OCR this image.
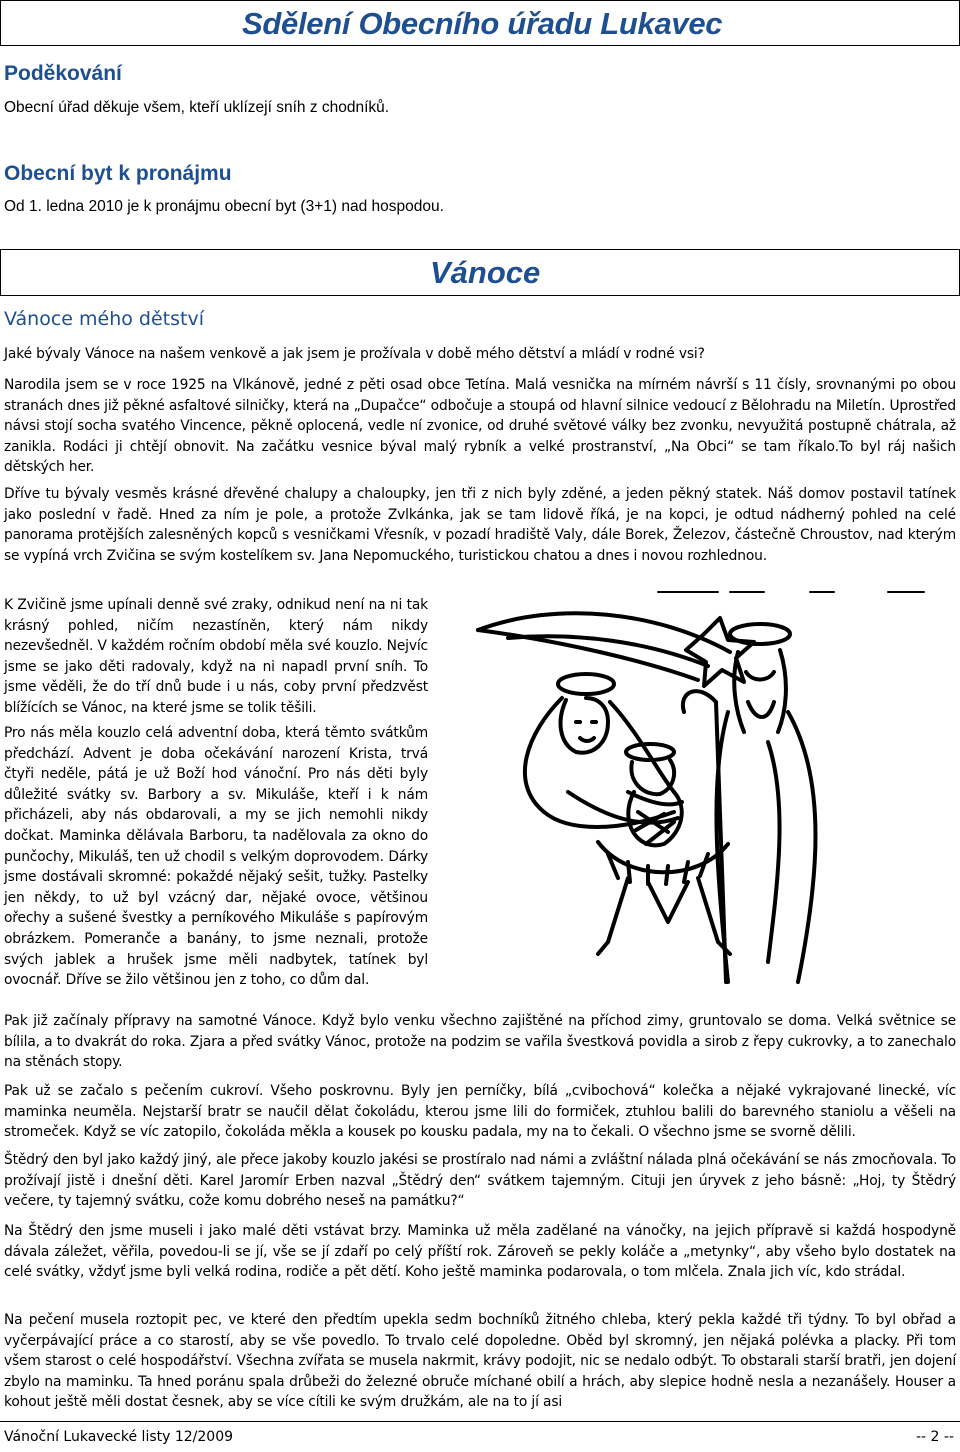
Sdělení Obecního úřadu Lukavec
Poděkování
Obecní úřad děkuje všem, kteří uklízejí sníh z chodníků.
Obecní byt k pronájmu
Od 1. ledna 2010 je k pronájmu obecní byt (3+1) nad hospodou.
Vánoce
Vánoce mého dětství
Jaké bývaly Vánoce na našem venkově a jak jsem je prožívala v době mého dětství a mládí v rodné vsi?
Narodila jsem se v roce 1925 na Vlkánově, jedné z pěti osad obce Tetína. Malá vesnička na mírném návrší s 11 čísly, srovnanými po obou stranách dnes již pěkné asfaltové silničky, která na „Dupačce“ odbočuje a stoupá od hlavní silnice vedoucí z Bělohradu na Miletín. Uprostřed návsi stojí socha svatého Vincence, pěkně oplocená, vedle ní zvonice, od druhé světové války bez zvonku, nevyužitá postupně chátrala, až zanikla. Rodáci ji chtějí obnovit. Na začátku vesnice býval malý rybník a velké prostranství, „Na Obci“ se tam říkalo.To byl ráj našich dětských her.
Dříve tu bývaly vesměs krásné dřevěné chalupy a chaloupky, jen tři z nich byly zděné, a jeden pěkný statek. Náš domov postavil tatínek jako poslední v řadě. Hned za ním je pole, a protože Zvlkánka, jak se tam lidově říká, je na kopci, je odtud nádherný pohled na celé panorama protějších zalesněných kopců s vesničkami Vřesník, v pozadí hradiště Valy, dále Borek, Železov, částečně Chroustov, nad kterým se vypíná vrch Zvičina se svým kostelíkem sv. Jana Nepomuckého, turistickou chatou a dnes i novou rozhlednou.
K Zvičině jsme upínali denně své zraky, odnikud není na ni tak krásný pohled, ničím nezastíněn, který nám nikdy nezevšedněl. V každém ročním období měla své kouzlo. Nejvíc jsme se jako děti radovaly, když na ni napadl první sníh. To jsme věděli, že do tří dnů bude i u nás, coby první předzvěst blížících se Vánoc, na které jsme se tolik těšili.
Pro nás měla kouzlo celá adventní doba, která těmto svátkům předchází. Advent je doba očekávání narození Krista, trvá čtyři neděle, pátá je už Boží hod vánoční. Pro nás děti byly důležité svátky sv. Barbory a sv. Mikuláše, kteří i k nám přicházeli, aby nás obdarovali, a my se jich nemohli nikdy dočkat. Maminka dělávala Barboru, ta nadělovala za okno do punčochy, Mikuláš, ten už chodil s velkým doprovodem. Dárky jsme dostávali skromné: pokaždé nějaký sešit, tužky. Pastelky jen někdy, to už byl vzácný dar, nějaké ovoce, většinou ořechy a sušené švestky a perníkového Mikuláše s papírovým obrázkem. Pomeranče a banány, to jsme neznali, protože svých jablek a hrušek jsme měli nadbytek, tatínek byl ovocnář. Dříve se žilo většinou jen z toho, co dům dal.
Pak již začínaly přípravy na samotné Vánoce. Když bylo venku všechno zajištěné na příchod zimy, gruntovalo se doma. Velká světnice se bílila, a to dvakrát do roka. Zjara a před svátky Vánoc, protože na podzim se vařila švestková povidla a sirob z řepy cukrovky, a to zanechalo na stěnách stopy.
Pak už se začalo s pečením cukroví. Všeho poskrovnu. Byly jen perníčky, bílá „cvibochová“ kolečka a nějaké vykrajované linecké, víc maminka neuměla. Nejstarší bratr se naučil dělat čokoládu, kterou jsme lili do formiček, ztuhlou balili do barevného staniolu a věšeli na stromeček. Když se víc zatopilo, čokoláda měkla a kousek po kousku padala, my na to čekali. O všechno jsme se svorně dělili.
Štědrý den byl jako každý jiný, ale přece jakoby kouzlo jakési se prostíralo nad námi a zvláštní nálada plná očekávání se nás zmocňovala. To prožívají jistě i dnešní děti. Karel Jaromír Erben nazval „Štědrý den“ svátkem tajemným. Cituji jen úryvek z jeho básně: „Hoj, ty Štědrý večere, ty tajemný svátku, cože komu dobrého neseš na památku?“
Na Štědrý den jsme museli i jako malé děti vstávat brzy. Maminka už měla zadělané na vánočky, na jejich přípravě si každá hospodyně dávala záležet, věřila, povedou-li se jí, vše se jí zdaří po celý příští rok. Zároveň se pekly koláče a „metynky“, aby všeho bylo dostatek na celé svátky, vždyť jsme byli velká rodina, rodiče a pět dětí. Koho ještě maminka podarovala, o tom mlčela. Znala jich víc, kdo strádal.
Na pečení musela roztopit pec, ve které den předtím upekla sedm bochníků žitného chleba, který pekla každé tři týdny. To byl obřad a vyčerpávající práce a co starostí, aby se vše povedlo. To trvalo celé dopoledne. Oběd byl skromný, jen nějaká polévka a placky. Při tom všem starost o celé hospodářství. Všechna zvířata se musela nakrmit, krávy podojit, nic se nedalo odbýt. To obstarali starší bratři, jen dojení zbylo na maminku. Ta hned poránu spala drůbeži do železné obruče míchané obilí a hrách, aby slepice hodně nesla a nezanášely. Houser a kohout ještě měli dostat česnek, aby se více cítili ke svým družkám, ale na to jí asi
Vánoční Lukavecké listy 12/2009	-- 2 --
